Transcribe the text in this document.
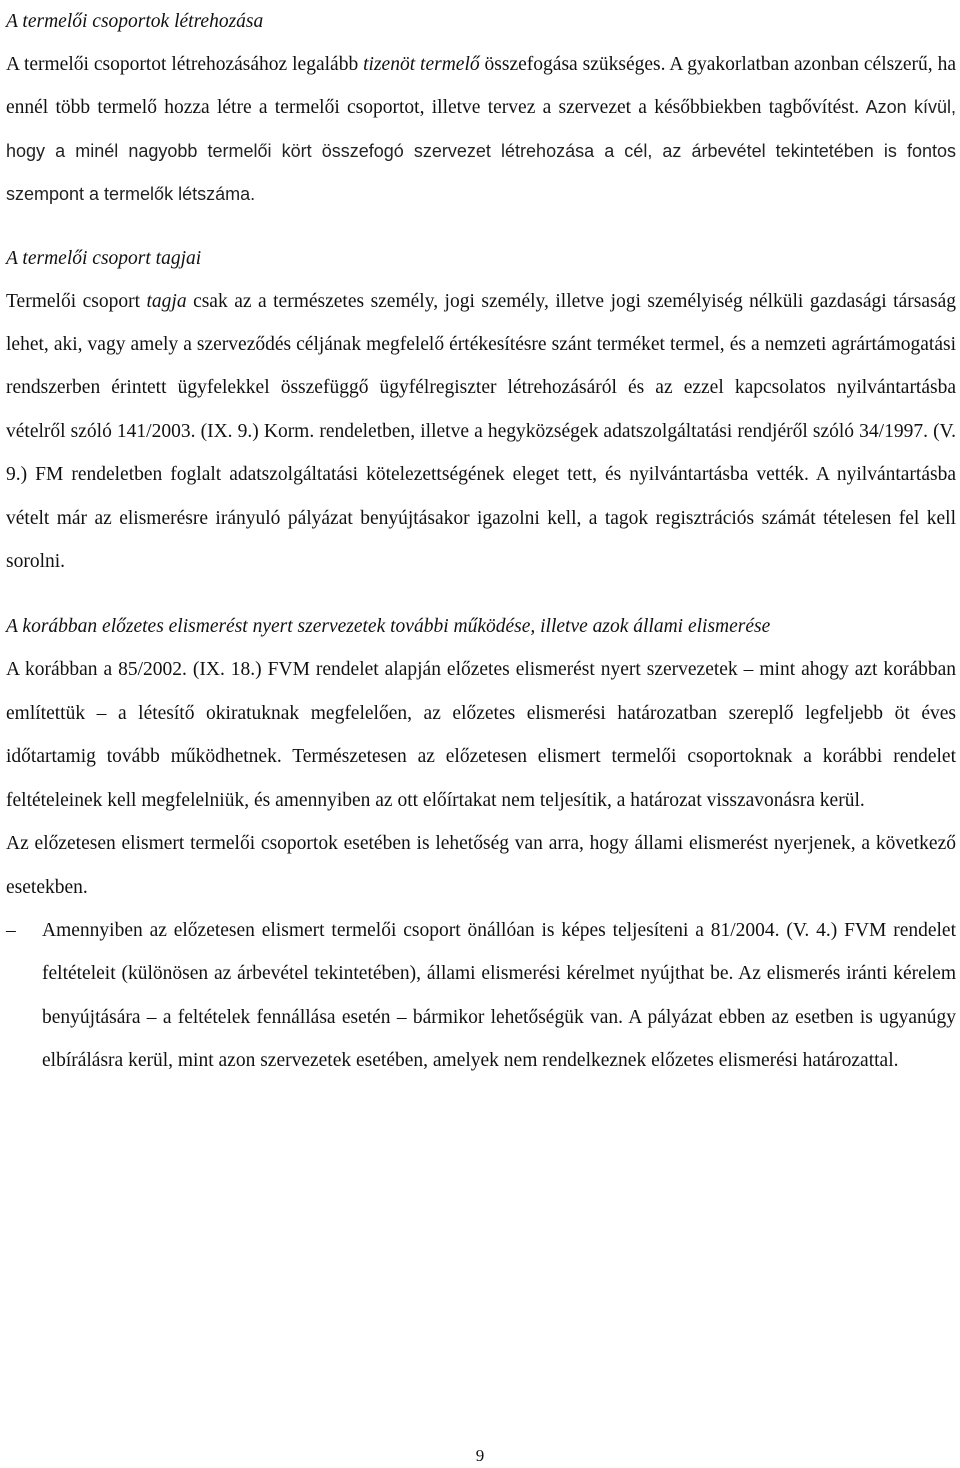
A termelői csoportok létrehozása

A termelői csoportot létrehozásához legalább tizenöt termelő összefogása szükséges. A gyakorlatban azonban célszerű, ha ennél több termelő hozza létre a termelői csoportot, illetve tervez a szervezet a későbbiekben tagbővítést. Azon kívül, hogy a minél nagyobb termelői kört összefogó szervezet létrehozása a cél, az árbevétel tekintetében is fontos szempont a termelők létszáma.

A termelői csoport tagjai

Termelői csoport tagja csak az a természetes személy, jogi személy, illetve jogi személyiség nélküli gazdasági társaság lehet, aki, vagy amely a szerveződés céljának megfelelő értékesítésre szánt terméket termel, és a nemzeti agrártámogatási rendszerben érintett ügyfelekkel összefüggő ügyfélregiszter létrehozásáról és az ezzel kapcsolatos nyilvántartásba vételről szóló 141/2003. (IX. 9.) Korm. rendeletben, illetve a hegyközségek adatszolgáltatási rendjéről szóló 34/1997. (V. 9.) FM rendeletben foglalt adatszolgáltatási kötelezettségének eleget tett, és nyilvántartásba vették. A nyilvántartásba vételt már az elismerésre irányuló pályázat benyújtásakor igazolni kell, a tagok regisztrációs számát tételesen fel kell sorolni.

A korábban előzetes elismerést nyert szervezetek további működése, illetve azok állami elismerése

A korábban a 85/2002. (IX. 18.) FVM rendelet alapján előzetes elismerést nyert szervezetek – mint ahogy azt korábban említettük – a létesítő okiratuknak megfelelően, az előzetes elismerési határozatban szereplő legfeljebb öt éves időtartamig tovább működhetnek. Természetesen az előzetesen elismert termelői csoportoknak a korábbi rendelet feltételeinek kell megfelelniük, és amennyiben az ott előírtakat nem teljesítik, a határozat visszavonásra kerül.

Az előzetesen elismert termelői csoportok esetében is lehetőség van arra, hogy állami elismerést nyerjenek, a következő esetekben.

– Amennyiben az előzetesen elismert termelői csoport önállóan is képes teljesíteni a 81/2004. (V. 4.) FVM rendelet feltételeit (különösen az árbevétel tekintetében), állami elismerési kérelmet nyújthat be. Az elismerés iránti kérelem benyújtására – a feltételek fennállása esetén – bármikor lehetőségük van. A pályázat ebben az esetben is ugyanúgy elbírálásra kerül, mint azon szervezetek esetében, amelyek nem rendelkeznek előzetes elismerési határozattal.
9
